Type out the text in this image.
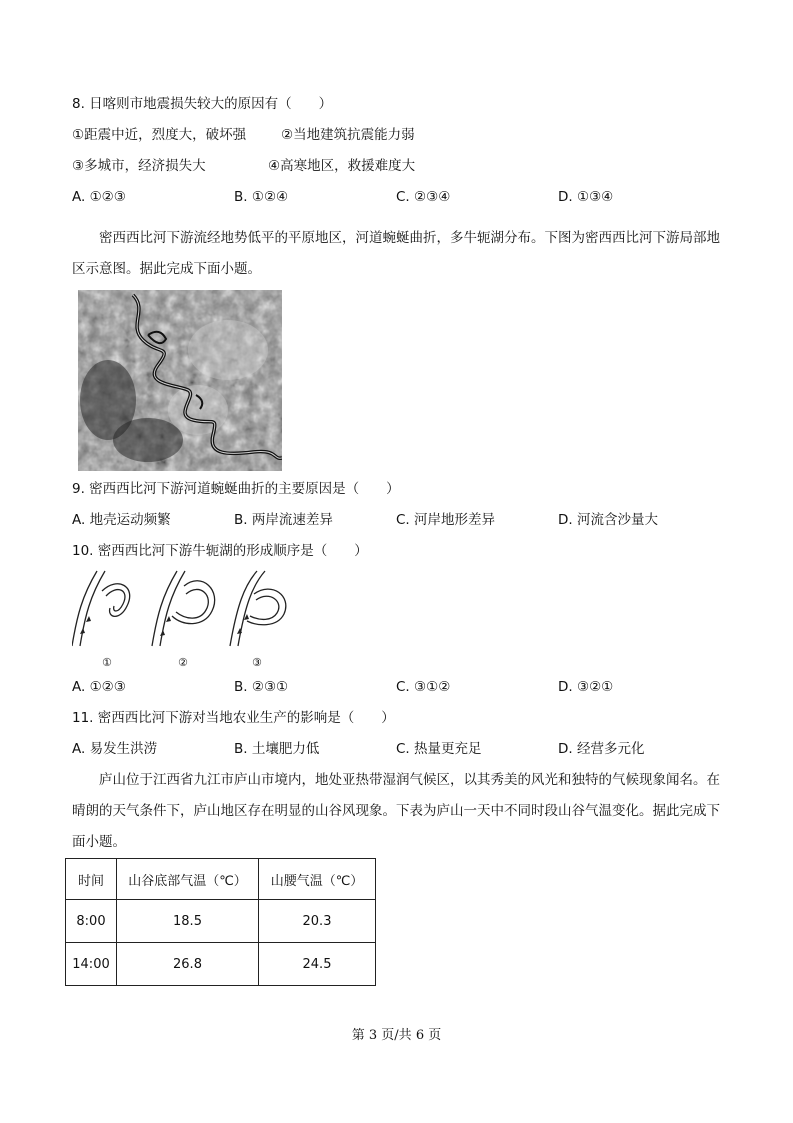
8. 日喀则市地震损失较大的原因有（　　）
①距震中近，烈度大，破坏强	②当地建筑抗震能力弱
③多城市，经济损失大	④高寒地区，救援难度大
A. ①②③	B. ①②④	C. ②③④	D. ①③④
密西西比河下游流经地势低平的平原地区，河道蜿蜒曲折，多牛轭湖分布。下图为密西西比河下游局部地区示意图。据此完成下面小题。
9. 密西西比河下游河道蜿蜒曲折的主要原因是（　　）
A. 地壳运动频繁	B. 两岸流速差异	C. 河岸地形差异	D. 河流含沙量大
10. 密西西比河下游牛轭湖的形成顺序是（　　）
①	②	③
A. ①②③	B. ②③①	C. ③①②	D. ③②①
11. 密西西比河下游对当地农业生产的影响是（　　）
A. 易发生洪涝	B. 土壤肥力低	C. 热量更充足	D. 经营多元化
庐山位于江西省九江市庐山市境内，地处亚热带湿润气候区，以其秀美的风光和独特的气候现象闻名。在晴朗的天气条件下，庐山地区存在明显的山谷风现象。下表为庐山一天中不同时段山谷气温变化。据此完成下面小题。
时间	山谷底部气温（℃）	山腰气温（℃）
8:00	18.5	20.3
14:00	26.8	24.5
第 3 页/共 6 页
